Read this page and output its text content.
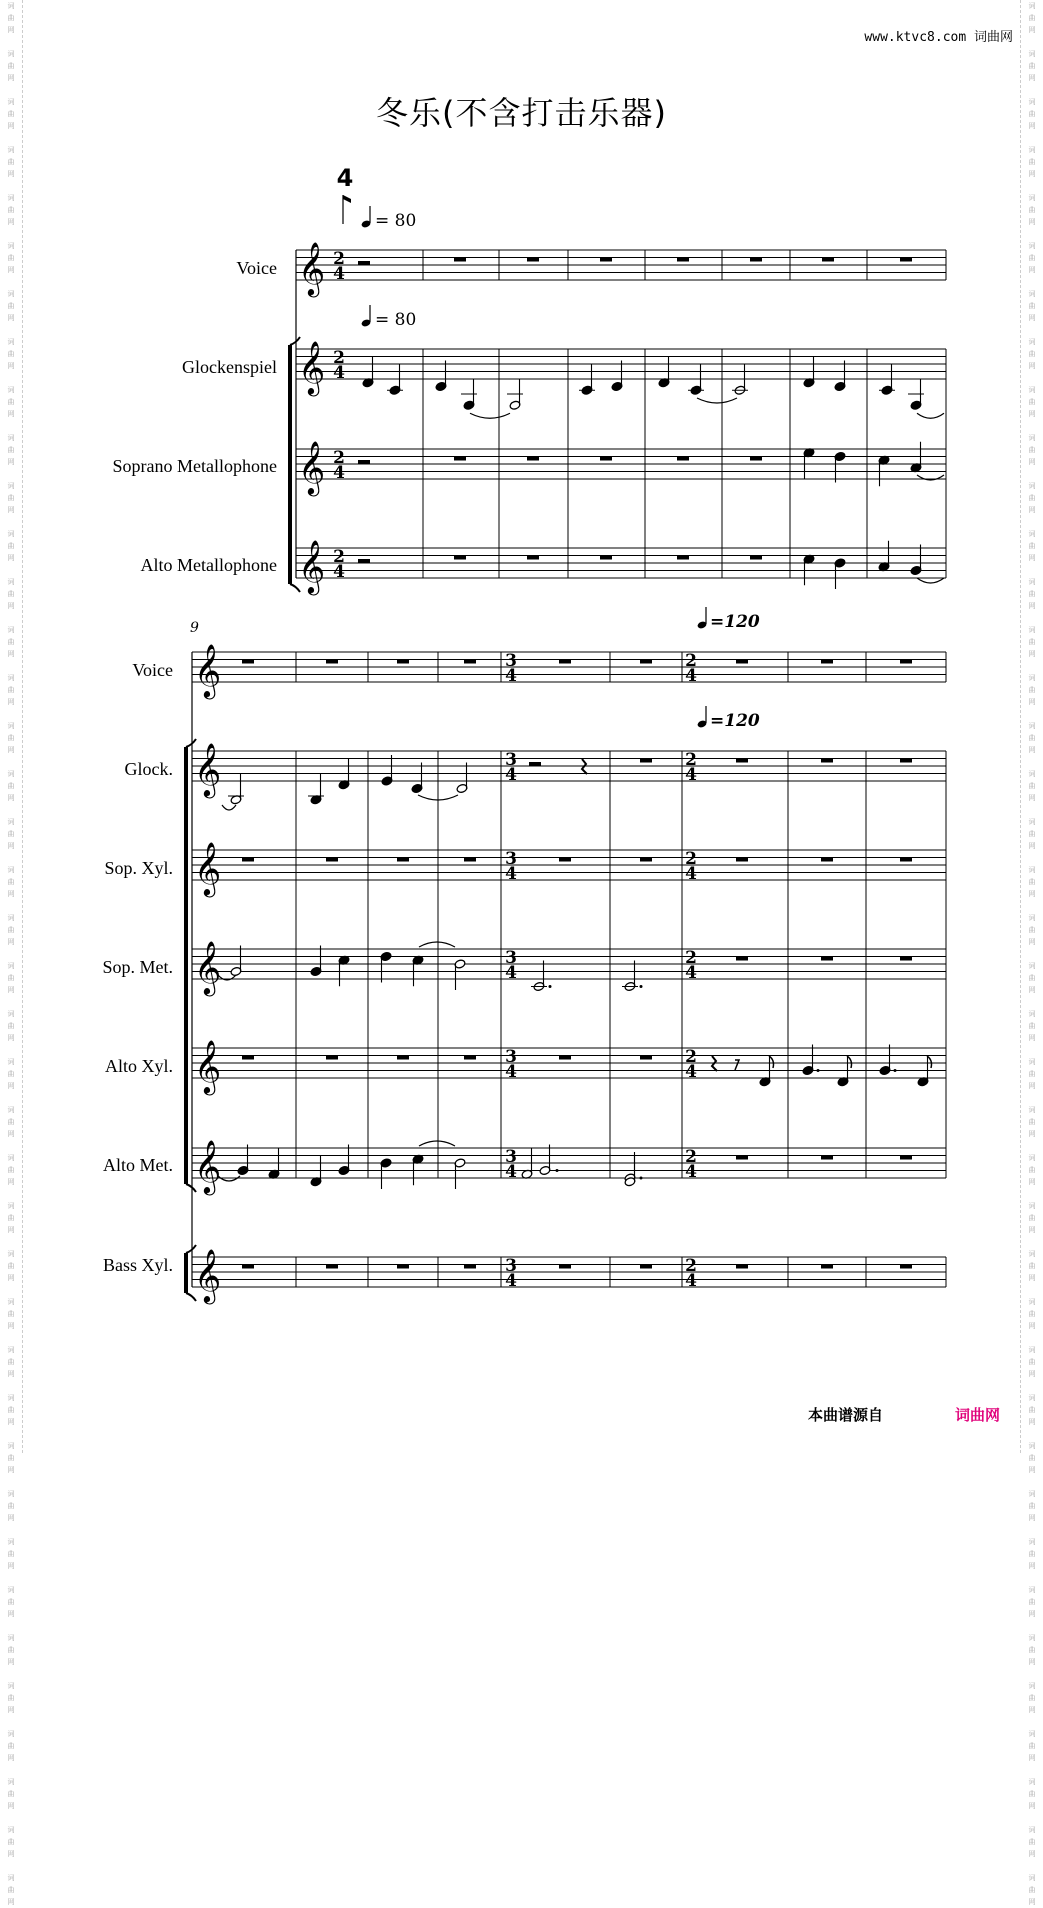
词
曲
网

词
曲
网

词
曲
网

词
曲
网

词
曲
网

词
曲
网

词
曲
网

词
曲
网

词
曲
网

词
曲
网

词
曲
网

词
曲
网

词
曲
网

词
曲
网

词
曲
网

词
曲
网

词
曲
网

词
曲
网

词
曲
网

词
曲
网

词
曲
网

词
曲
网

词
曲
网

词
曲
网

词
曲
网

词
曲
网

词
曲
网

词
曲
网

词
曲
网

词
曲
网

词
曲
网

词
曲
网

词
曲
网

词
曲
网

词
曲
网

词
曲
网

词
曲
网

词
曲
网

词
曲
网

词
曲
网

词
曲
网

词
曲
网

词
曲
网

词
曲
网

词
曲
网

词
曲
网

词
曲
网

词
曲
网

词
曲
网

词
曲
网

词
曲
网

词
曲
网

词
曲
网

词
曲
网

词
曲
网

词
曲
网

词
曲
网

词
曲
网

词
曲
网

词
曲
网

词
曲
网

词
曲
网

词
曲
网

词
曲
网

词
曲
网

词
曲
网

词
曲
网

词
曲
网

词
曲
网

词
曲
网

词
曲
网

词
曲
网

词
曲
网

词
曲
网

词
曲
网

词
曲
网

词
曲
网

词
曲
网

词
曲
网

词
曲
网

www.ktvc8.com 词曲网
冬乐(不含打击乐器)
Voice
Glockenspiel
Soprano Metallophone
Alto Metallophone
Voice
Glock.
Sop. Xyl.
Sop. Met.
Alto Xyl.
Alto Met.
Bass Xyl.
𝄞 2
4
𝄞 2
4
𝄞 2
4
𝄞 2
4
𝄞	3
4
2
4
𝄞	3
4
2
4
𝄞	3
4
2
4
𝄞	3
4
2
4
𝄞	3
4
2
4
𝄞	3
4
2
4
𝄞	3
4
2
4
4
= 80
= 80
9	=120
=120
本曲谱源自	词曲网
